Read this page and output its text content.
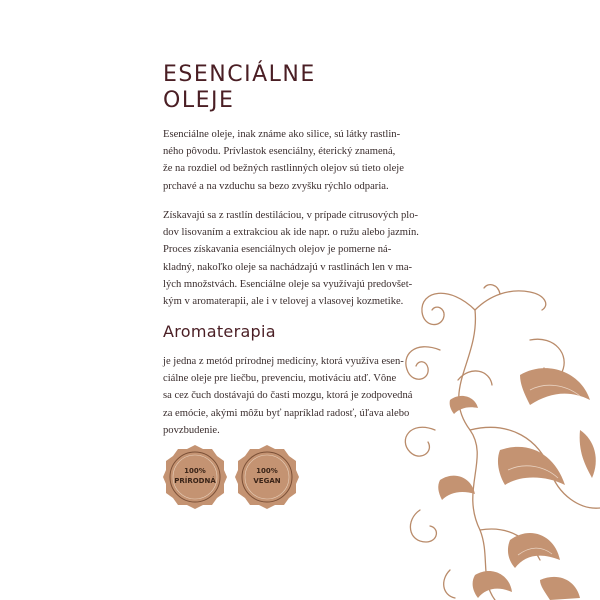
ESENCIÁLNE
OLEJE

Esenciálne oleje, inak známe ako silice, sú látky rastlin-
ného pôvodu. Prívlastok esenciálny, éterický znamená,
že na rozdiel od bežných rastlinných olejov sú tieto oleje
prchavé a na vzduchu sa bezo zvyšku rýchlo odparia.

Získavajú sa z rastlín destiláciou, v prípade citrusových plo-
dov lisovaním a extrakciou ak ide napr. o ružu alebo jazmín.
Proces získavania esenciálnych olejov je pomerne ná-
kladný, nakoľko oleje sa nachádzajú v rastlinách len v ma-
lých množstvách. Esenciálne oleje sa využívajú predovšet-
kým v aromaterapii, ale i v telovej a vlasovej kozmetike.

Aromaterapia

je jedna z metód prírodnej medicíny, ktorá využíva esen-
ciálne oleje pre liečbu, prevenciu, motiváciu atď. Vône
sa cez čuch dostávajú do časti mozgu, ktorá je zodpovedná
za emócie, akými môžu byť napríklad radosť, úľava alebo
povzbudenie.

100%
PRÍRODNÁ
100%
VEGAN
